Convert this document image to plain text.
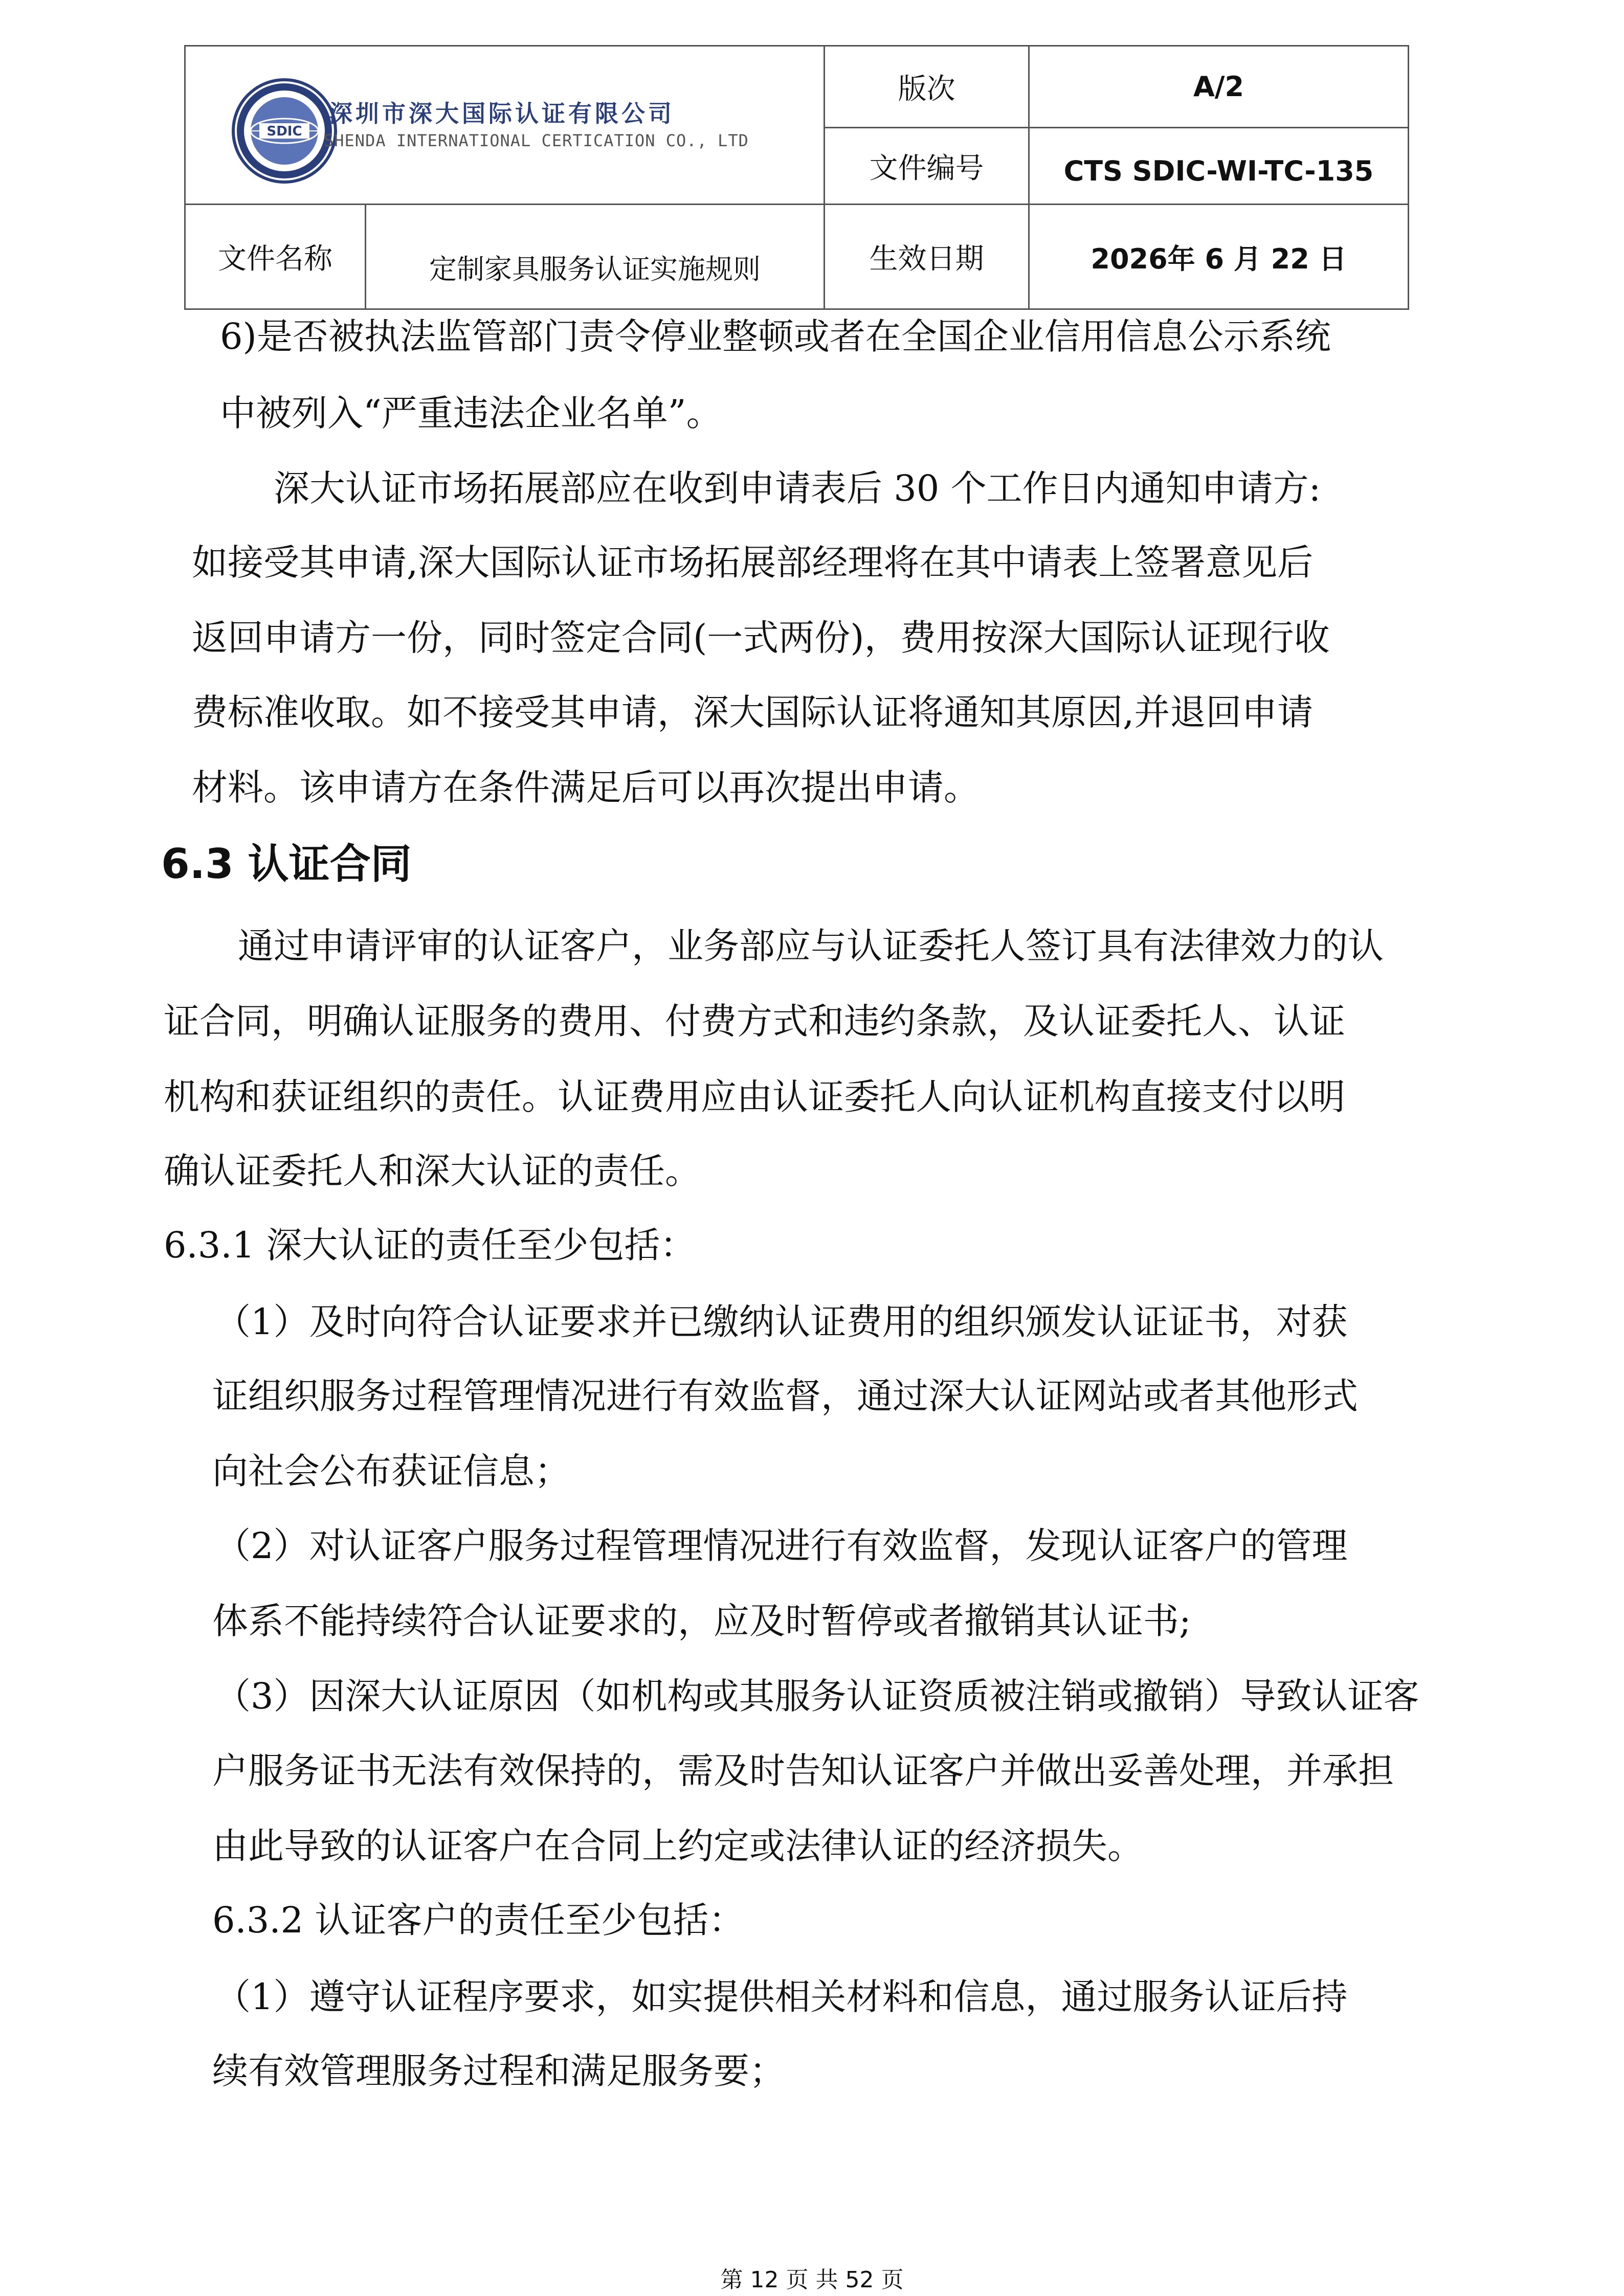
SDIC
深圳市深大国际认证有限公司
SHENDA INTERNATIONAL CERTICATION CO., LTD	版次	A/2
	文件编号	CTS SDIC-WI-TC-135

文件名称 定制家具服务认证实施规则	生效日期	2026年 6 月 22 日
6)是否被执法监管部门责令停业整顿或者在全国企业信用信息公示系统
中被列入“严重违法企业名单”。
深大认证市场拓展部应在收到申请表后 30 个工作日内通知申请方:
如接受其申请,深大国际认证市场拓展部经理将在其中请表上签署意见后
返回申请方一份，同时签定合同(一式两份)，费用按深大国际认证现行收
费标准收取。如不接受其申请，深大国际认证将通知其原因,并退回申请
材料。该申请方在条件满足后可以再次提出申请。
6.3 认证合同
通过申请评审的认证客户，业务部应与认证委托人签订具有法律效力的认
证合同，明确认证服务的费用、付费方式和违约条款，及认证委托人、认证
机构和获证组织的责任。认证费用应由认证委托人向认证机构直接支付以明
确认证委托人和深大认证的责任。
6.3.1 深大认证的责任至少包括：
（1）及时向符合认证要求并已缴纳认证费用的组织颁发认证证书，对获
证组织服务过程管理情况进行有效监督，通过深大认证网站或者其他形式
向社会公布获证信息；
（2）对认证客户服务过程管理情况进行有效监督，发现认证客户的管理
体系不能持续符合认证要求的，应及时暂停或者撤销其认证书;
（3）因深大认证原因（如机构或其服务认证资质被注销或撤销）导致认证客
户服务证书无法有效保持的，需及时告知认证客户并做出妥善处理，并承担
由此导致的认证客户在合同上约定或法律认证的经济损失。
6.3.2 认证客户的责任至少包括：
（1）遵守认证程序要求，如实提供相关材料和信息，通过服务认证后持
续有效管理服务过程和满足服务要；
第 12 页 共 52 页
